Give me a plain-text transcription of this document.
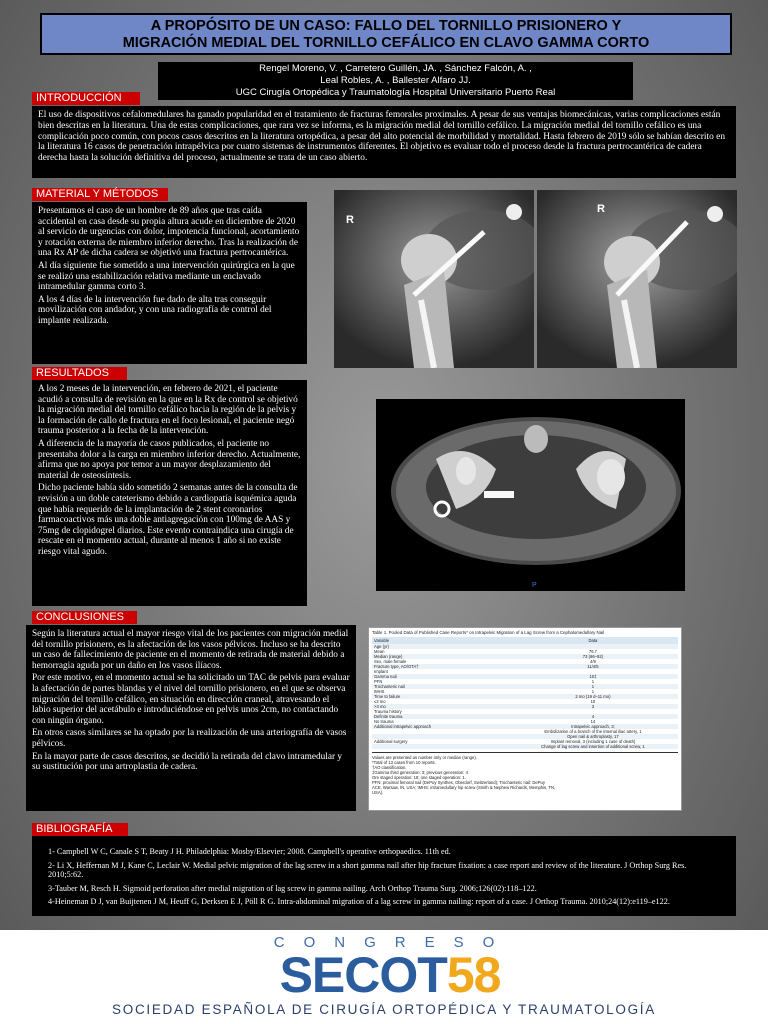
A PROPÓSITO DE UN CASO: FALLO DEL TORNILLO PRISIONERO Y
MIGRACIÓN MEDIAL DEL TORNILLO CEFÁLICO EN CLAVO GAMMA CORTO
Rengel Moreno, V. , Carretero Guillén, JA. , Sánchez Falcón, A. ,
Leal Robles, A. , Ballester Alfaro JJ.
UGC Cirugía Ortopédica y Traumatología Hospital Universitario Puerto Real
INTRODUCCIÓN
El uso de dispositivos cefalomedulares ha ganado popularidad en el tratamiento de fracturas femorales proximales. A pesar de sus ventajas biomecánicas, varias complicaciones están bien descritas en la literatura. Una de estas complicaciones, que rara vez se informa, es la migración medial del tornillo cefálico. La migración medial del tornillo cefálico es una complicación poco común, con pocos casos descritos en la literatura ortopédica, a pesar del alto potencial de morbilidad y mortalidad. Hasta febrero de 2019 sólo se habían descrito en la literatura 16 casos de penetración intrapélvica por cuatro sistemas de instrumentos diferentes. El objetivo es evaluar todo el proceso desde la fractura pertrocantérica de cadera derecha hasta la solución definitiva del proceso, actualmente se trata de un caso abierto.
MATERIAL Y MÉTODOS

Presentamos el caso de un hombre de 89 años que tras caída accidental en casa desde su propia altura acude en diciembre de 2020 al servicio de urgencias con dolor, impotencia funcional, acortamiento y rotación externa de miembro inferior derecho. Tras la realización de una Rx AP de dicha cadera se objetivó una fractura pertrocantérica.

Al día siguiente fue sometido a una intervención quirúrgica en la que se realizó una estabilización relativa mediante un enclavado intramedular gamma corto 3.

A los 4 días de la intervención fue dado de alta tras conseguir movilización con andador, y con una radiografía de control del implante realizada.

R
R
RESULTADOS

A los 2 meses de la intervención, en febrero de 2021, el paciente acudió a consulta de revisión en la que en la Rx de control se objetivó la migración medial del tornillo cefálico hacia la región de la pelvis y la formación de callo de fractura en el foco lesional, el paciente negó trauma posterior a la fecha de la intervención.

A diferencia de la mayoría de casos publicados, el paciente no presentaba dolor a la carga en miembro inferior derecho. Actualmente, afirma que no apoya por temor a un mayor desplazamiento del material de osteosíntesis.

Dicho paciente había sido sometido 2 semanas antes de la consulta de revisión a un doble cateterismo debido a cardiopatía isquémica aguda que había requerido de la implantación de 2 stent coronarios farmacoactivos más una doble antiagregación con 100mg de AAS y 75mg de clopidogrel diarios. Este evento contraindica una cirugía de rescate en el momento actual, durante al menos 1 año si no existe riesgo vital agudo.

P
CONCLUSIONES

Según la literatura actual el mayor riesgo vital de los pacientes con migración medial del tornillo prisionero, es la afectación de los vasos pélvicos. Incluso se ha descrito un caso de fallecimiento de paciente en el momento de retirada de material debido a hemorragia aguda por un daño en los vasos ilíacos.

Por este motivo, en el momento actual se ha solicitado un TAC de pelvis para evaluar la afectación de partes blandas y el nivel del tornillo prisionero, en el que se observa migración del tornillo cefálico, en situación en dirección craneal, atravesando el labio superior del acetábulo e introduciéndose en pelvis unos 2cm, no contactando con ningún órgano.

En otros casos similares se ha optado por la realización de una arteriografía de vasos pélvicos.

En la mayor parte de casos descritos, se decidió la retirada del clavo intramedular y su sustitución por una artroplastia de cadera.

Table 1. Pooled Data of Published Case Reports* on Intrapelvic Migration of a Lag Screw from a Cephalomedullary Nail
Variable	Data
Age (yr)
Mean	76.7
Median (range)	73 (66–92)
Sex, male:female	4/9
Fracture type, AO/OTA†	11/4/5
Implant
Gamma nail	10‡
PFN	1
Trochanteric nail	1
IMHS	1
Time to failure	2 mo (19 d–11 mo)
≤3 mo	10
>3 mo	3
Trauma history
Definite trauma	4
No trauma	14
Additional intrapelvic approach	Intrapelvic approach, 3;
Embolization of a branch of the internal iliac artery, 1
Open nail & arthroplasty, 17
Additional surgery	Implant removal, 3 (including 1 case of death)
Change of lag screw and insertion of additional screw, 1
Values are presented as number only or median (range).
*Total of 13 cases from 10 reports.
†AO classification.
‡Gamma third generation: 3; previous generation: 4
Ore staged operation: 18; one staged operation: 1.
PFN: proximal femoral nail (DePuy Synthes, Oberdorf, Switzerland); Trochanteric nail: DePuy
ACE, Warsaw, IN, USA; IMHS: intramedullary hip screw (Smith & Nephew Richards, Memphis, TN,
USA).
BIBLIOGRAFÍA

1- Campbell W C, Canale S T, Beaty J H. Philadelphia: Mosby/Elsevier; 2008. Campbell's operative orthopaedics. 11th ed.

2- Li X, Heffernan M J, Kane C, Leclair W. Medial pelvic migration of the lag screw in a short gamma nail after hip fracture fixation: a case report and review of the literature. J Orthop Surg Res. 2010;5:62.

3-Tauber M, Resch H. Sigmoid perforation after medial migration of lag screw in gamma nailing. Arch Orthop Trauma Surg. 2006;126(02):118–122.

4-Heineman D J, van Buijtenen J M, Heuff G, Derksen E J, Pöll R G. Intra-abdominal migration of a lag screw in gamma nailing: report of a case. J Orthop Trauma. 2010;24(12):e119–e122.

CONGRESO
SECOT58
SOCIEDAD ESPAÑOLA DE CIRUGÍA ORTOPÉDICA Y TRAUMATOLOGÍA
